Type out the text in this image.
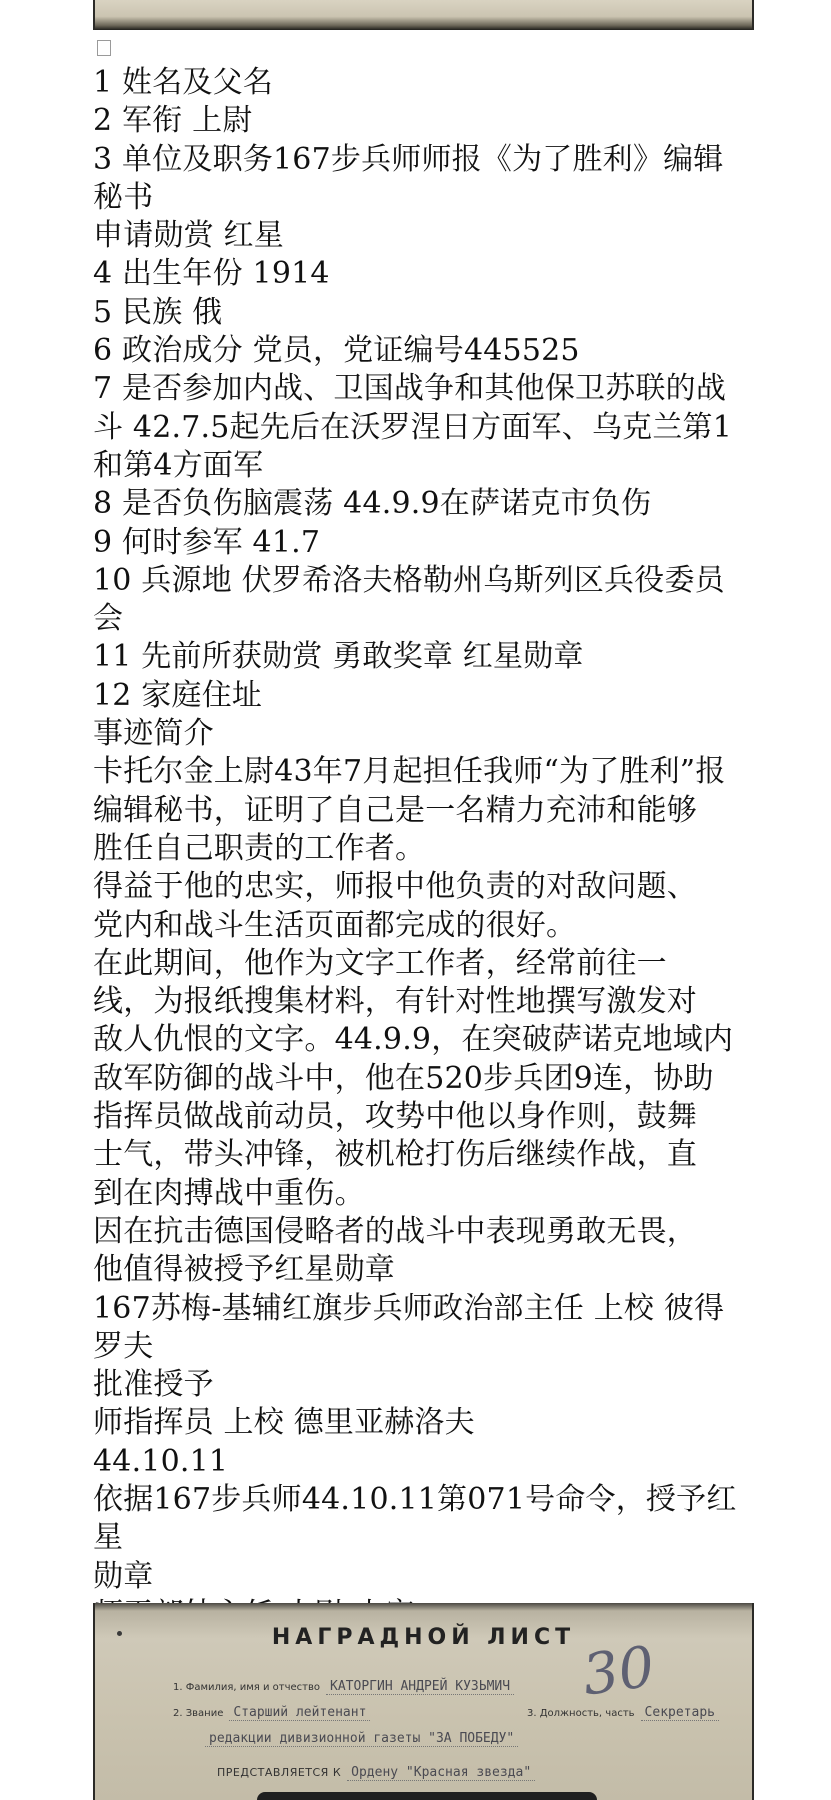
1 姓名及父名
2 军衔 上尉
3 单位及职务167步兵师师报《为了胜利》编辑
秘书
申请勋赏 红星
4 出生年份 1914
5 民族 俄
6 政治成分 党员，党证编号445525
7 是否参加内战、卫国战争和其他保卫苏联的战
斗 42.7.5起先后在沃罗涅日方面军、乌克兰第1
和第4方面军
8 是否负伤脑震荡 44.9.9在萨诺克市负伤
9 何时参军 41.7
10 兵源地 伏罗希洛夫格勒州乌斯列区兵役委员
会
11 先前所获勋赏 勇敢奖章 红星勋章
12 家庭住址
事迹简介
卡托尔金上尉43年7月起担任我师“为了胜利”报
编辑秘书，证明了自己是一名精力充沛和能够
胜任自己职责的工作者。
得益于他的忠实，师报中他负责的对敌问题、
党内和战斗生活页面都完成的很好。
在此期间，他作为文字工作者，经常前往一
线，为报纸搜集材料，有针对性地撰写激发对
敌人仇恨的文字。44.9.9，在突破萨诺克地域内
敌军防御的战斗中，他在520步兵团9连，协助
指挥员做战前动员，攻势中他以身作则，鼓舞
士气，带头冲锋，被机枪打伤后继续作战，直
到在肉搏战中重伤。
因在抗击德国侵略者的战斗中表现勇敢无畏，
他值得被授予红星勋章
167苏梅-基辅红旗步兵师政治部主任 上校 彼得
罗夫
批准授予
师指挥员 上校 德里亚赫洛夫
44.10.11
依据167步兵师44.10.11第071号命令，授予红星
勋章
НАГРАДНОЙ ЛИСТ 30
1. Фамилия, имя и отчество КАТОРГИН АНДРЕЙ КУЗЬМИЧ
2. Звание Старший лейтенант	3. Должность, часть Секретарь
редакции дивизионной газеты "ЗА ПОБЕДУ"
ПРЕДСТАВЛЯЕТСЯ К Ордену "Красная звезда"
